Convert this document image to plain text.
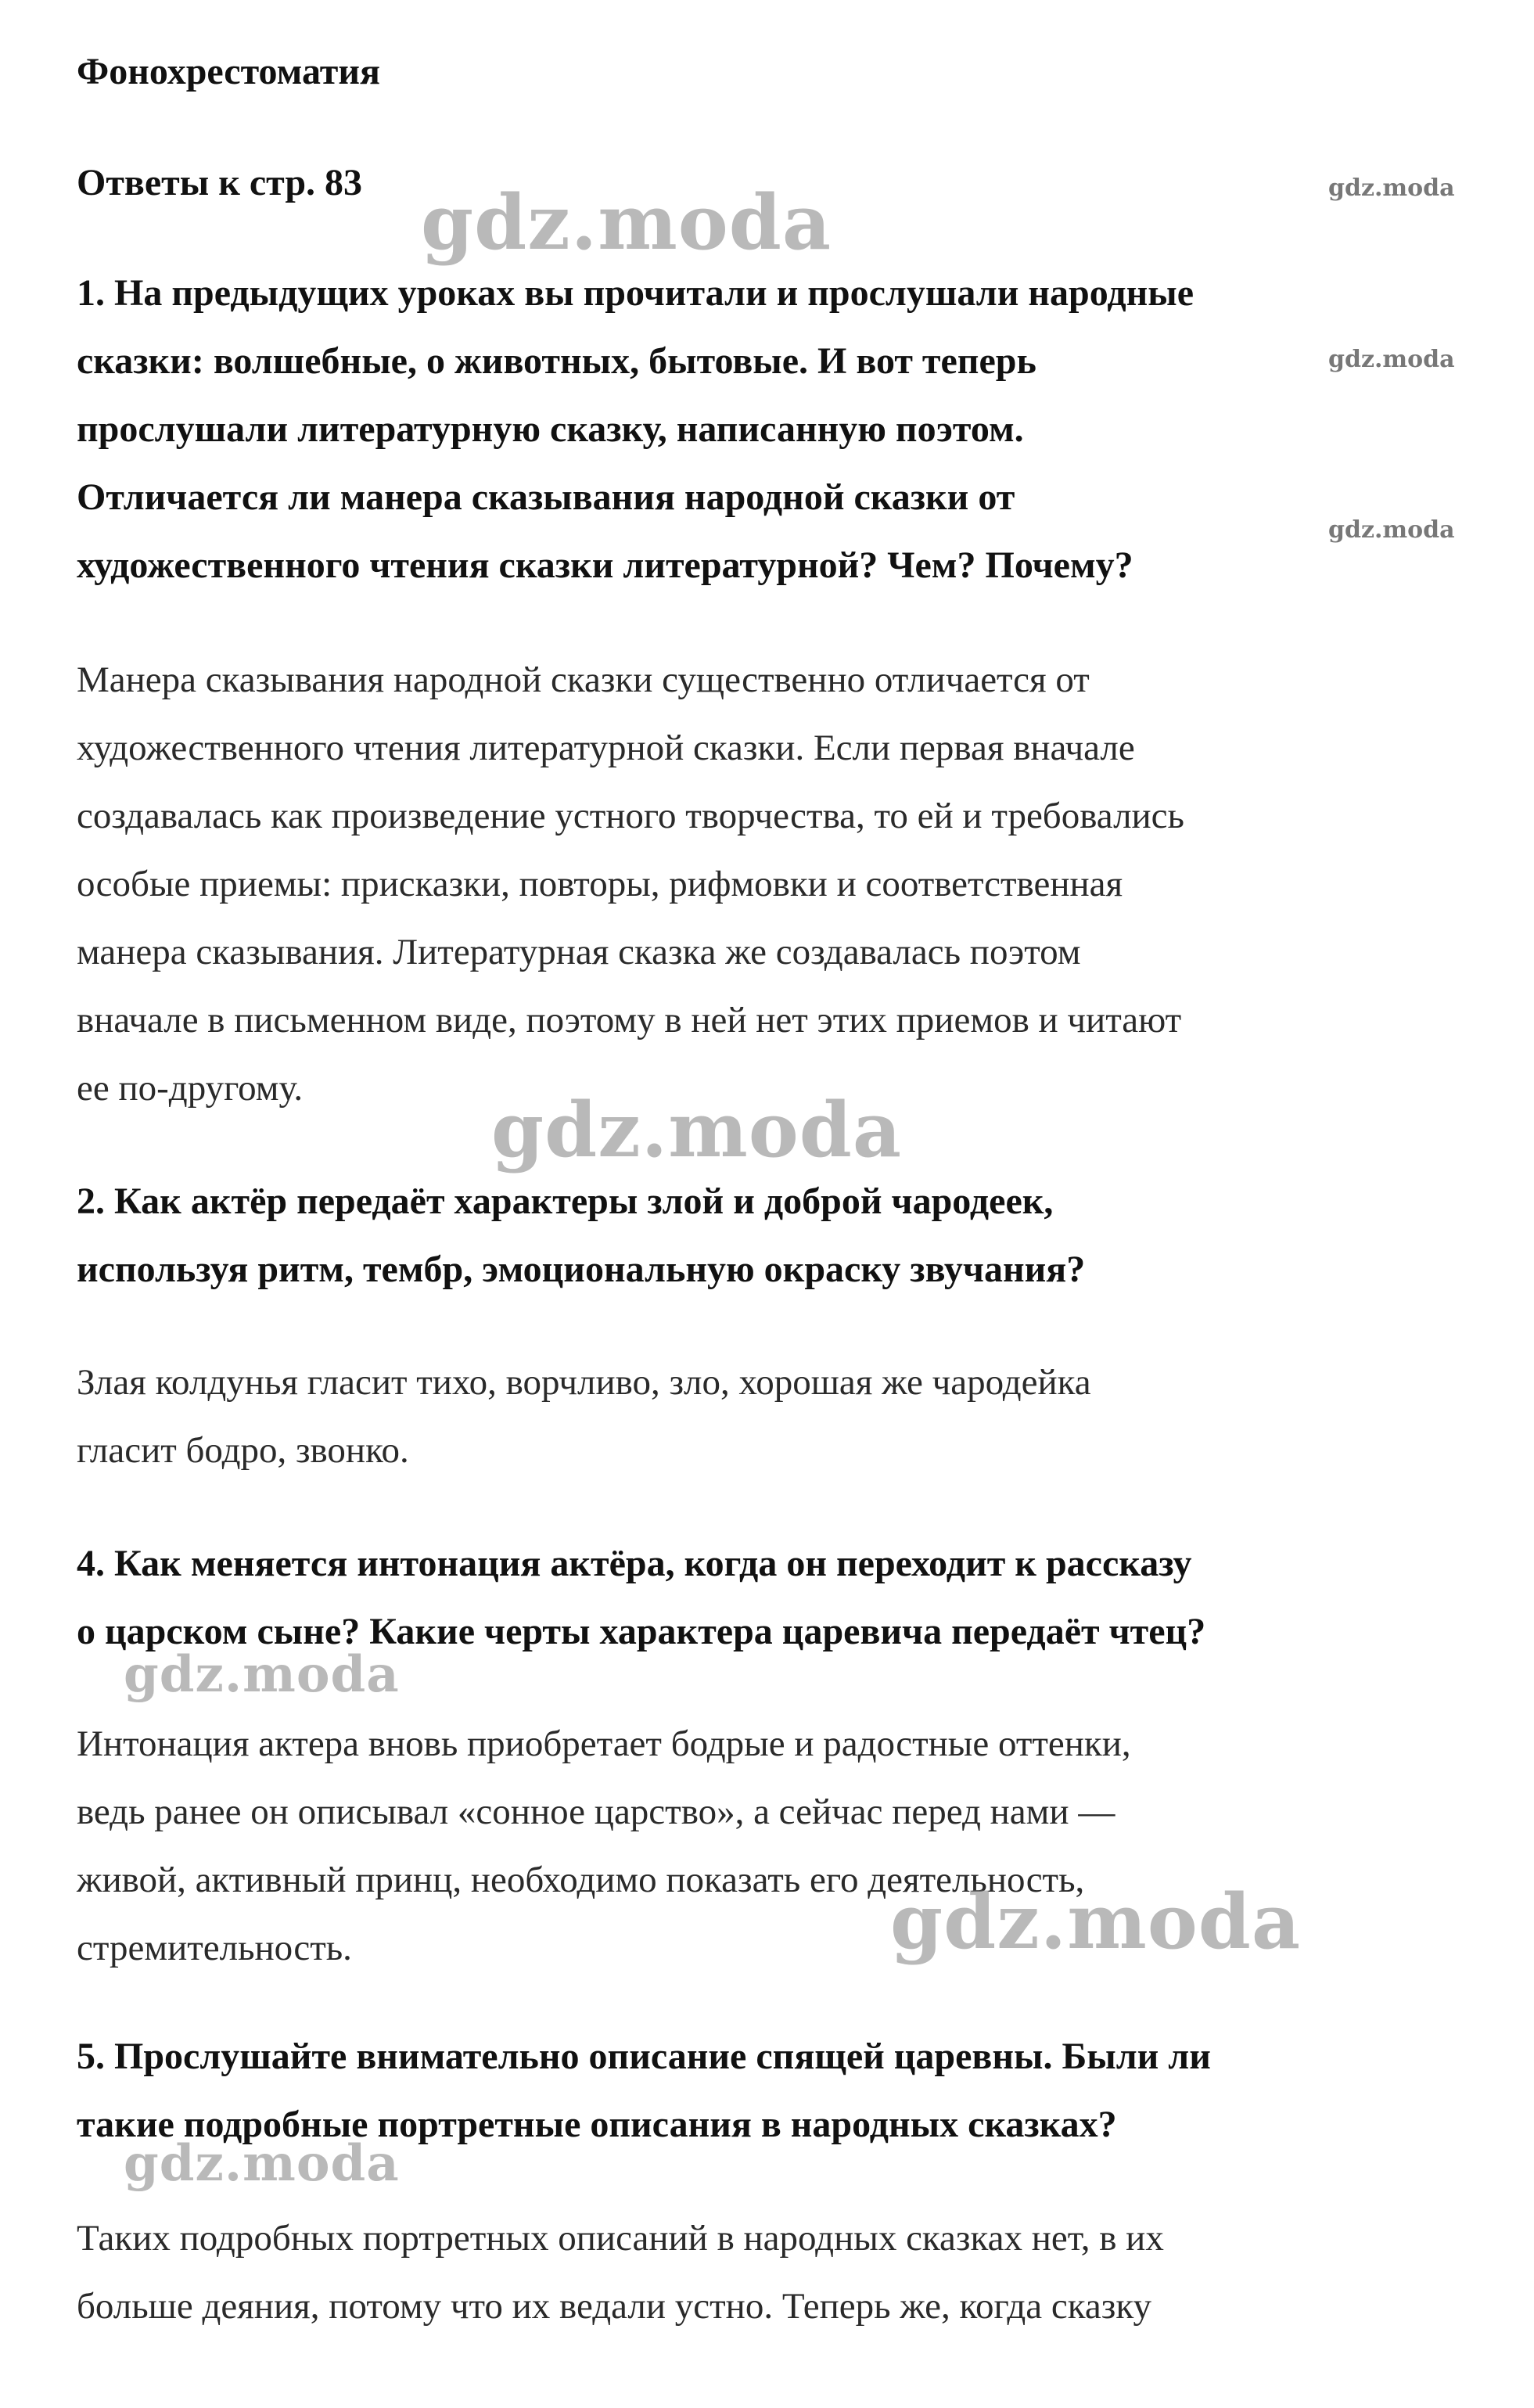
Фонохрестоматия
Ответы к стр. 83
1. На предыдущих уроках вы прочитали и прослушали народные
сказки: волшебные, о животных, бытовые. И вот теперь
прослушали литературную сказку, написанную поэтом.
Отличается ли манера сказывания народной сказки от
художественного чтения сказки литературной? Чем? Почему?
Манера сказывания народной сказки существенно отличается от
художественного чтения литературной сказки. Если первая вначале
создавалась как произведение устного творчества, то ей и требовались
особые приемы: присказки, повторы, рифмовки и соответственная
манера сказывания. Литературная сказка же создавалась поэтом
вначале в письменном виде, поэтому в ней нет этих приемов и читают
ее по-другому.
2. Как актёр передаёт характеры злой и доброй чародеек,
используя ритм, тембр, эмоциональную окраску звучания?
Злая колдунья гласит тихо, ворчливо, зло, хорошая же чародейка
гласит бодро, звонко.
4. Как меняется интонация актёра, когда он переходит к рассказу
о царском сыне? Какие черты характера царевича передаёт чтец?
Интонация актера вновь приобретает бодрые и радостные оттенки,
ведь ранее он описывал «сонное царство», а сейчас перед нами —
живой, активный принц, необходимо показать его деятельность,
стремительность.
5. Прослушайте внимательно описание спящей царевны. Были ли
такие подробные портретные описания в народных сказках?
Таких подробных портретных описаний в народных сказках нет, в их
больше деяния, потому что их ведали устно. Теперь же, когда сказку
gdz.moda	gdz.moda
gdz.moda
gdz.moda
gdz.moda
gdz.moda
gdz.moda
gdz.moda
